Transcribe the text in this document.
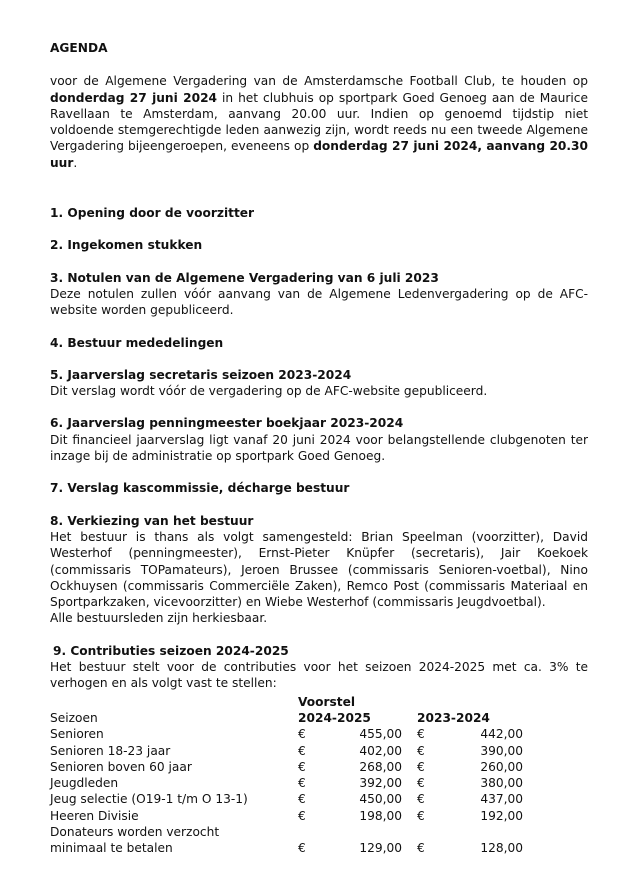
AGENDA

voor de Algemene Vergadering van de Amsterdamsche Football Club, te houden op donderdag 27 juni 2024 in het clubhuis op sportpark Goed Genoeg aan de Maurice Ravellaan te Amsterdam, aanvang 20.00 uur. Indien op genoemd tijdstip niet voldoende stemgerechtigde leden aanwezig zijn, wordt reeds nu een tweede Algemene Vergadering bijeengeroepen, eveneens op donderdag 27 juni 2024, aanvang 20.30 uur.

1. Opening door de voorzitter
2. Ingekomen stukken
3. Notulen van de Algemene Vergadering van 6 juli 2023
Deze notulen zullen vóór aanvang van de Algemene Ledenvergadering op de AFC-website worden gepubliceerd.
4. Bestuur mededelingen
5. Jaarverslag secretaris seizoen 2023-2024
Dit verslag wordt vóór de vergadering op de AFC-website gepubliceerd.
6. Jaarverslag penningmeester boekjaar 2023-2024
Dit financieel jaarverslag ligt vanaf 20 juni 2024 voor belangstellende clubgenoten ter inzage bij de administratie op sportpark Goed Genoeg.
7. Verslag kascommissie, décharge bestuur
8. Verkiezing van het bestuur
Het bestuur is thans als volgt samengesteld: Brian Speelman (voorzitter), David Westerhof (penningmeester), Ernst-Pieter Knüpfer (secretaris), Jair Koekoek (commissaris TOPamateurs), Jeroen Brussee (commissaris Senioren-voetbal), Nino Ockhuysen (commissaris Commerciële Zaken), Remco Post (commissaris Materiaal en Sportparkzaken, vicevoorzitter) en Wiebe Westerhof (commissaris Jeugdvoetbal).
Alle bestuursleden zijn herkiesbaar.
9. Contributies seizoen 2024-2025
Het bestuur stelt voor de contributies voor het seizoen 2024-2025 met ca. 3% te verhogen en als volgt vast te stellen:
	Voorstel			
Seizoen	2024-2025		2023-2024	
Senioren	€	455,00	€	442,00
Senioren 18-23 jaar	€	402,00	€	390,00
Senioren boven 60 jaar	€	268,00	€	260,00
Jeugdleden	€	392,00	€	380,00
Jeug selectie (O19-1 t/m O 13-1)	€	450,00	€	437,00
Heeren Divisie	€	198,00	€	192,00

Donateurs worden verzocht
minimaal te betalen	€	129,00	€	128,00
